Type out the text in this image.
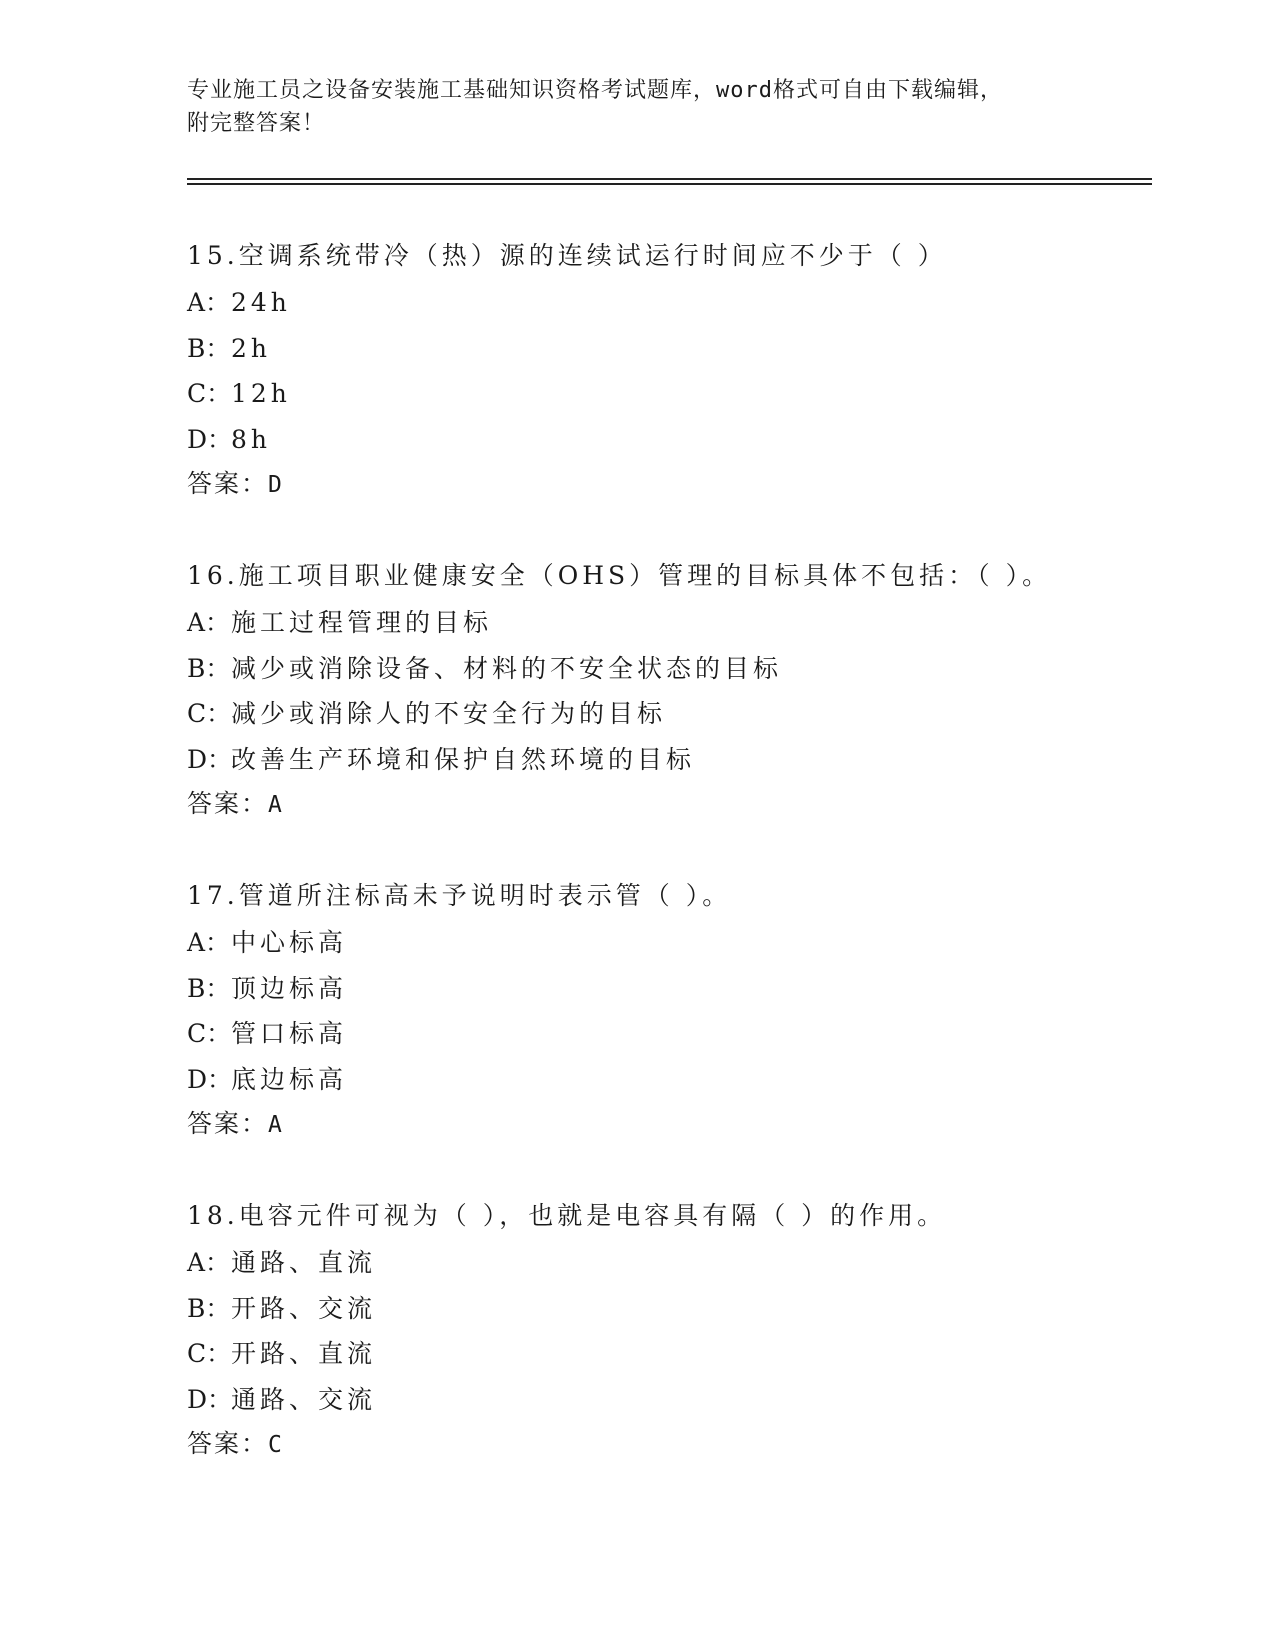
专业施工员之设备安装施工基础知识资格考试题库，word格式可自由下载编辑，
附完整答案！
15.空调系统带冷（热）源的连续试运行时间应不少于（ ）
A：24h
B：2h
C：12h
D：8h
答案：D
16.施工项目职业健康安全（OHS）管理的目标具体不包括：（ ）。
A：施工过程管理的目标
B：减少或消除设备、材料的不安全状态的目标
C：减少或消除人的不安全行为的目标
D：改善生产环境和保护自然环境的目标
答案：A
17.管道所注标高未予说明时表示管（ ）。
A：中心标高
B：顶边标高
C：管口标高
D：底边标高
答案：A
18.电容元件可视为（ ），也就是电容具有隔（ ）的作用。
A：通路、直流
B：开路、交流
C：开路、直流
D：通路、交流
答案：C
